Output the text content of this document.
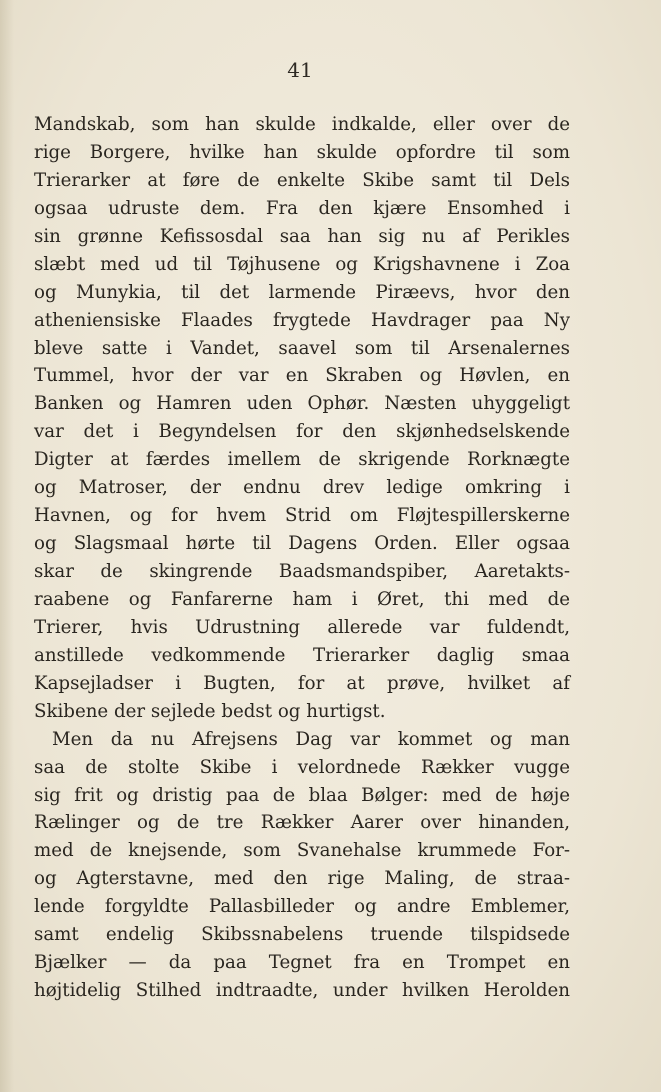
41
Mandskab, som han skulde indkalde, eller over de
rige Borgere, hvilke han skulde opfordre til som
Trierarker at føre de enkelte Skibe samt til Dels
ogsaa udruste dem. Fra den kjære Ensomhed i
sin grønne Kefissosdal saa han sig nu af Perikles
slæbt med ud til Tøjhusene og Krigshavnene i Zoa
og Munykia, til det larmende Piræevs, hvor den
atheniensiske Flaades frygtede Havdrager paa Ny
bleve satte i Vandet, saavel som til Arsenalernes
Tummel, hvor der var en Skraben og Høvlen, en
Banken og Hamren uden Ophør. Næsten uhyggeligt
var det i Begyndelsen for den skjønhedselskende
Digter at færdes imellem de skrigende Rorknægte
og Matroser, der endnu drev ledige omkring i
Havnen, og for hvem Strid om Fløjtespillerskerne
og Slagsmaal hørte til Dagens Orden. Eller ogsaa
skar de skingrende Baadsmandspiber, Aaretakts-
raabene og Fanfarerne ham i Øret, thi med de
Trierer, hvis Udrustning allerede var fuldendt,
anstillede vedkommende Trierarker daglig smaa
Kapsejladser i Bugten, for at prøve, hvilket af
Skibene der sejlede bedst og hurtigst.
Men da nu Afrejsens Dag var kommet og man
saa de stolte Skibe i velordnede Rækker vugge
sig frit og dristig paa de blaa Bølger: med de høje
Rælinger og de tre Rækker Aarer over hinanden,
med de knejsende, som Svanehalse krummede For-
og Agterstavne, med den rige Maling, de straa-
lende forgyldte Pallasbilleder og andre Emblemer,
samt endelig Skibssnabelens truende tilspidsede
Bjælker — da paa Tegnet fra en Trompet en
højtidelig Stilhed indtraadte, under hvilken Herolden
